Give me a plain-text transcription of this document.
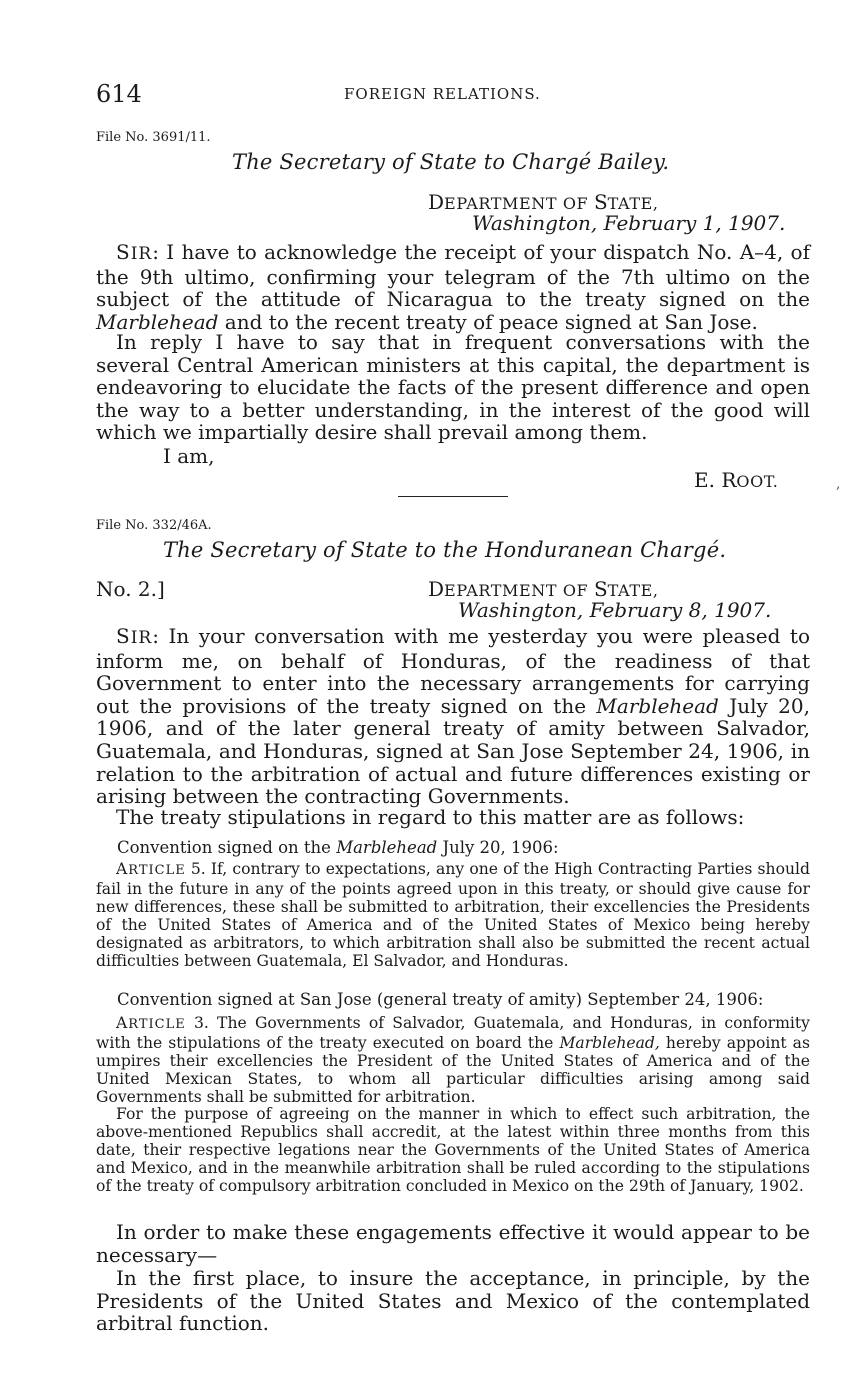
614	FOREIGN RELATIONS.
File No. 3691/11.
The Secretary of State to Chargé Bailey.
DEPARTMENT OF STATE,
Washington, February 1, 1907.
SIR: I have to acknowledge the receipt of your dispatch No. A–4, of the 9th ultimo, confirming your telegram of the 7th ultimo on the subject of the attitude of Nicaragua to the treaty signed on the Marblehead and to the recent treaty of peace signed at San Jose.
In reply I have to say that in frequent conversations with the several Central American ministers at this capital, the department is endeavoring to elucidate the facts of the present difference and open the way to a better understanding, in the interest of the good will which we impartially desire shall prevail among them.
I am,
E. ROOT.	,
File No. 332/46A.
The Secretary of State to the Honduranean Chargé.
No. 2.]	DEPARTMENT OF STATE,
Washington, February 8, 1907.
SIR: In your conversation with me yesterday you were pleased to inform me, on behalf of Honduras, of the readiness of that Government to enter into the necessary arrangements for carrying out the provisions of the treaty signed on the Marblehead July 20, 1906, and of the later general treaty of amity between Salvador, Guatemala, and Honduras, signed at San Jose September 24, 1906, in relation to the arbitration of actual and future differences existing or arising between the contracting Governments.
The treaty stipulations in regard to this matter are as follows:
Convention signed on the Marblehead July 20, 1906:
ARTICLE 5. If, contrary to expectations, any one of the High Contracting Parties should fail in the future in any of the points agreed upon in this treaty, or should give cause for new differences, these shall be submitted to arbitration, their excellencies the Presidents of the United States of America and of the United States of Mexico being hereby designated as arbitrators, to which arbitration shall also be submitted the recent actual difficulties between Guatemala, El Salvador, and Honduras.
Convention signed at San Jose (general treaty of amity) September 24, 1906:
ARTICLE 3. The Governments of Salvador, Guatemala, and Honduras, in conformity with the stipulations of the treaty executed on board the Marblehead, hereby appoint as umpires their excellencies the President of the United States of America and of the United Mexican States, to whom all particular difficulties arising among said Governments shall be submitted for arbitration.
For the purpose of agreeing on the manner in which to effect such arbitration, the above-mentioned Republics shall accredit, at the latest within three months from this date, their respective legations near the Governments of the United States of America and Mexico, and in the meanwhile arbitration shall be ruled according to the stipulations of the treaty of compulsory arbitration concluded in Mexico on the 29th of January, 1902.
In order to make these engagements effective it would appear to be necessary—
In the first place, to insure the acceptance, in principle, by the Presidents of the United States and Mexico of the contemplated arbitral function.
